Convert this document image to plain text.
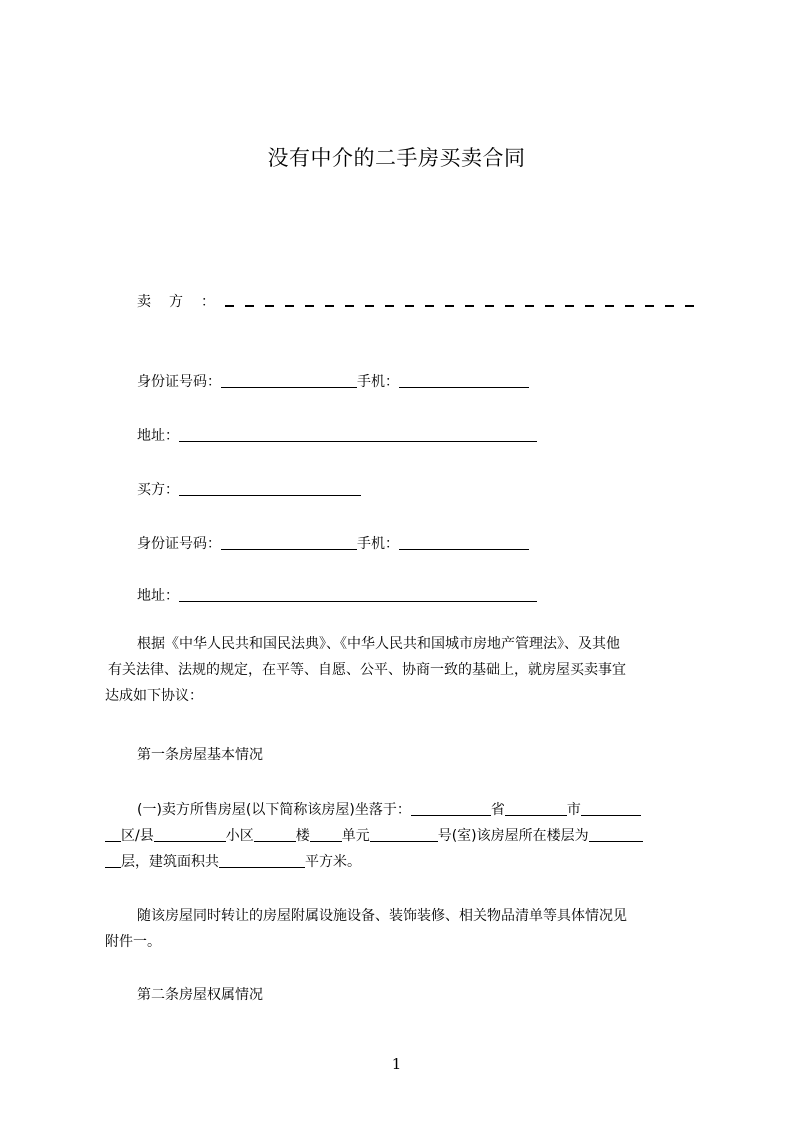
没有中介的二手房买卖合同
卖　方　：
身份证号码：	手机：
地址：
买方：
身份证号码：	手机：
地址：
根据《中华人民共和国民法典》、《中华人民共和国城市房地产管理法》、及其他
有关法律、法规的规定，在平等、自愿、公平、协商一致的基础上，就房屋买卖事宜
达成如下协议：
第一条房屋基本情况
(一)卖方所售房屋(以下简称该房屋)坐落于：	省	市
区/县	小区	楼 单元	号(室)该房屋所在楼层为
层，建筑面积共	平方米。
随该房屋同时转让的房屋附属设施设备、装饰装修、相关物品清单等具体情况见
附件一。
第二条房屋权属情况
1
